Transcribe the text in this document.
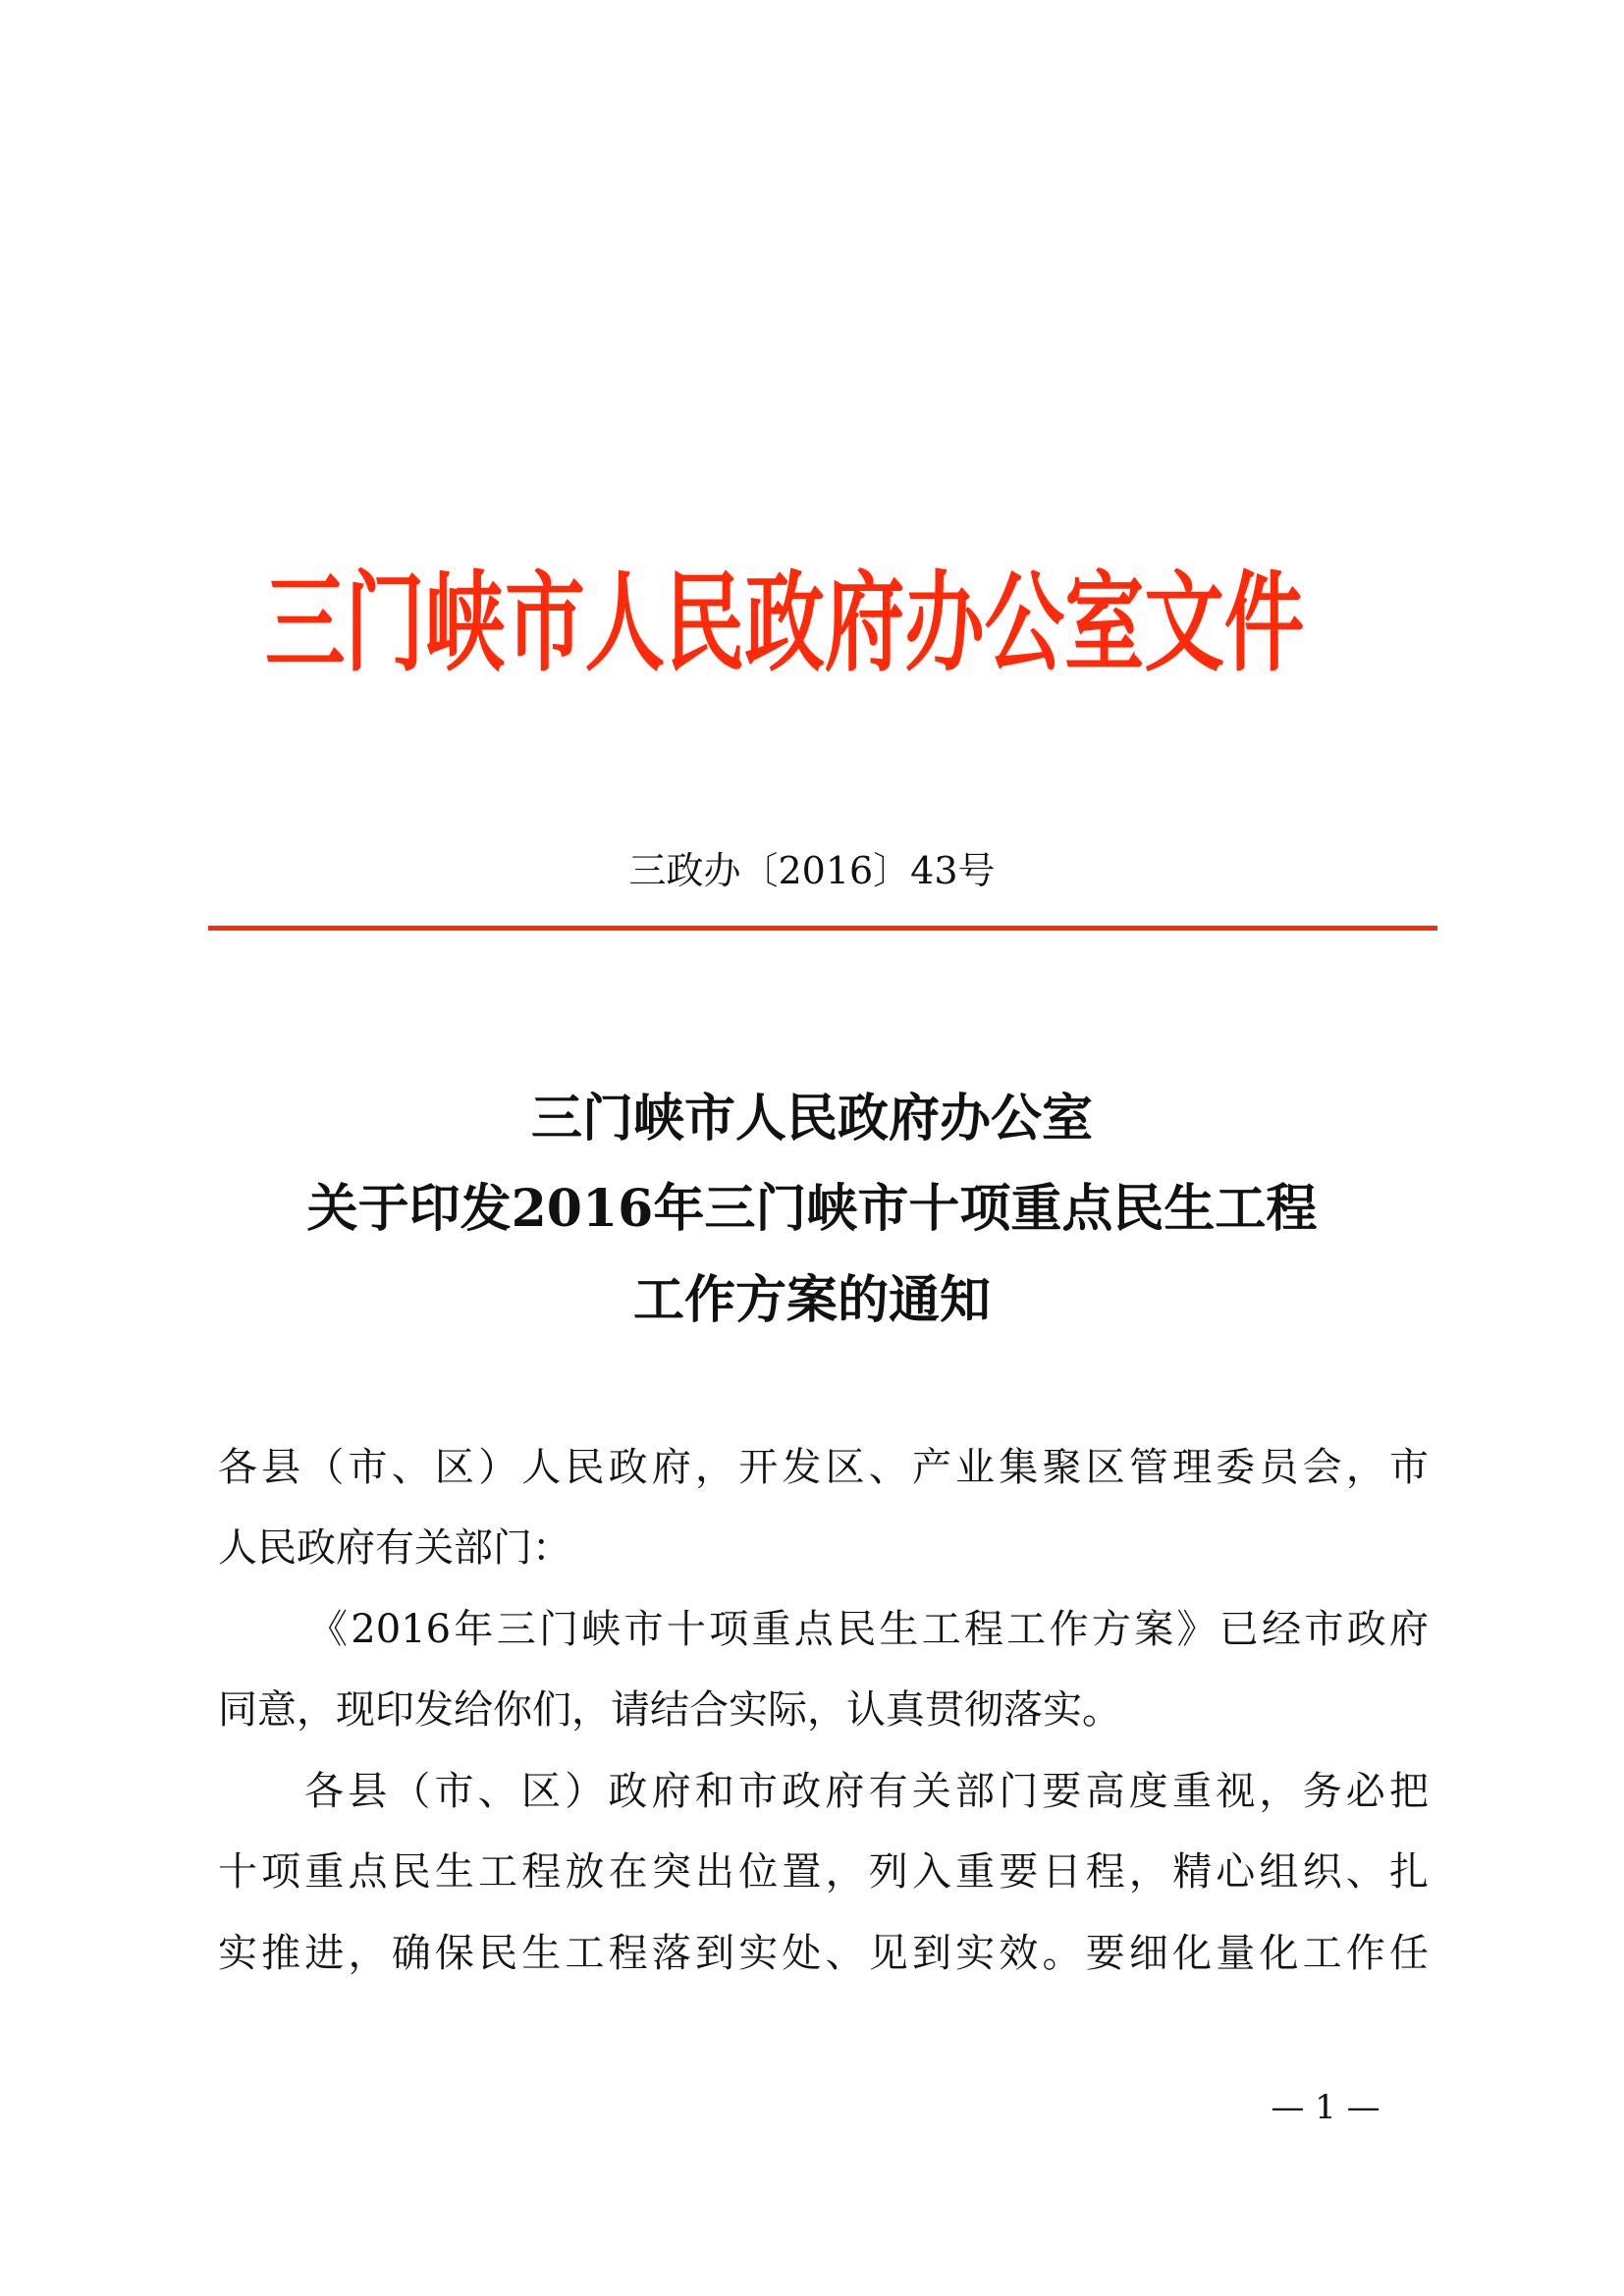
三门峡市人民政府办公室文件
三政办〔2016〕43号
三门峡市人民政府办公室
关于印发2016年三门峡市十项重点民生工程
工作方案的通知
各县（市、区）人民政府，开发区、产业集聚区管理委员会，市
人民政府有关部门：
《2016年三门峡市十项重点民生工程工作方案》已经市政府
同意，现印发给你们，请结合实际，认真贯彻落实。
各县（市、区）政府和市政府有关部门要高度重视，务必把
十项重点民生工程放在突出位置，列入重要日程，精心组织、扎
实推进，确保民生工程落到实处、见到实效。要细化量化工作任
— 1 —
